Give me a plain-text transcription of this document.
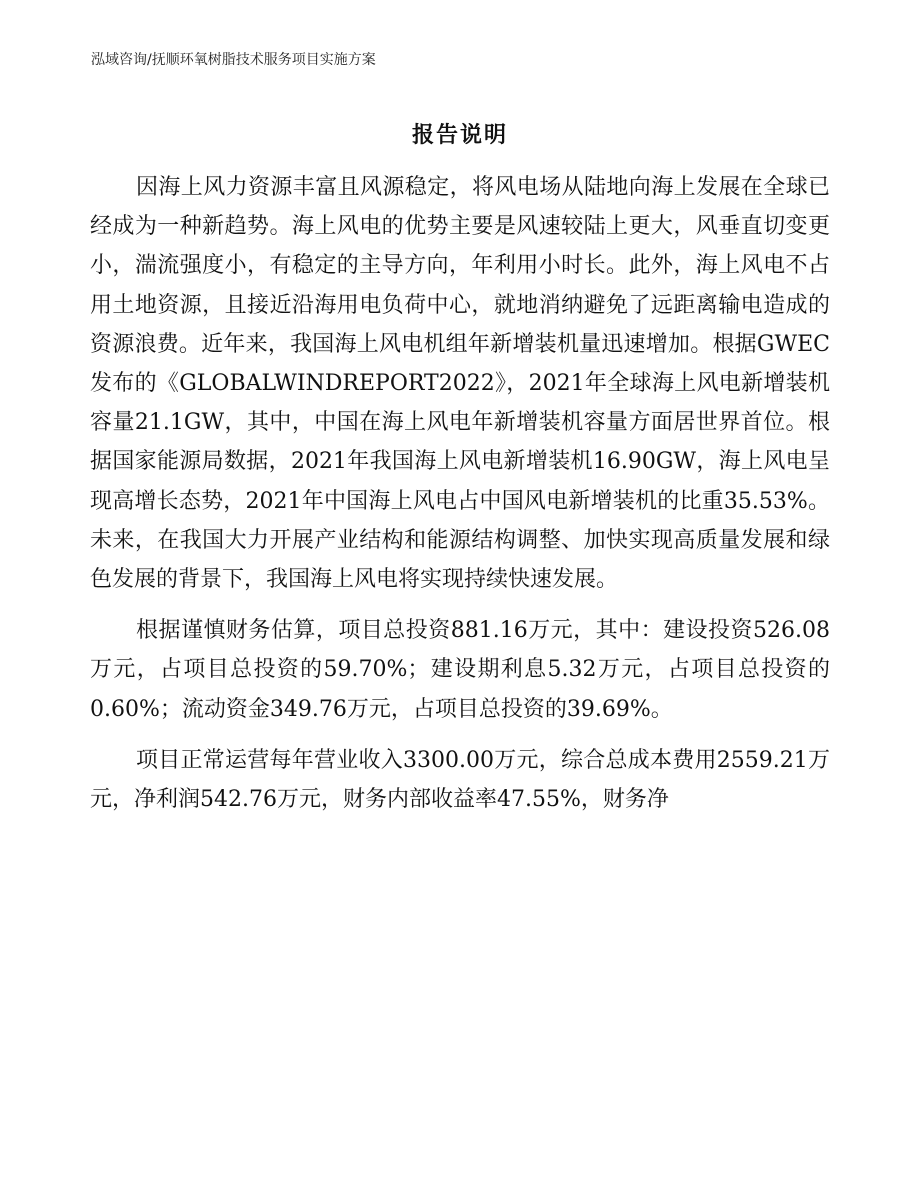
泓域咨询/抚顺环氧树脂技术服务项目实施方案
报告说明

因海上风力资源丰富且风源稳定，将风电场从陆地向海上发展在全球已经成为一种新趋势。海上风电的优势主要是风速较陆上更大，风垂直切变更小，湍流强度小，有稳定的主导方向，年利用小时长。此外，海上风电不占用土地资源，且接近沿海用电负荷中心，就地消纳避免了远距离输电造成的资源浪费。近年来，我国海上风电机组年新增装机量迅速增加。根据GWEC发布的《GLOBALWINDREPORT2022》，2021年全球海上风电新增装机容量21.1GW，其中，中国在海上风电年新增装机容量方面居世界首位。根据国家能源局数据，2021年我国海上风电新增装机16.90GW，海上风电呈现高增长态势，2021年中国海上风电占中国风电新增装机的比重35.53%。未来，在我国大力开展产业结构和能源结构调整、加快实现高质量发展和绿色发展的背景下，我国海上风电将实现持续快速发展。

根据谨慎财务估算，项目总投资881.16万元，其中：建设投资526.08万元，占项目总投资的59.70%；建设期利息5.32万元，占项目总投资的0.60%；流动资金349.76万元，占项目总投资的39.69%。

项目正常运营每年营业收入3300.00万元，综合总成本费用2559.21万元，净利润542.76万元，财务内部收益率47.55%，财务净
